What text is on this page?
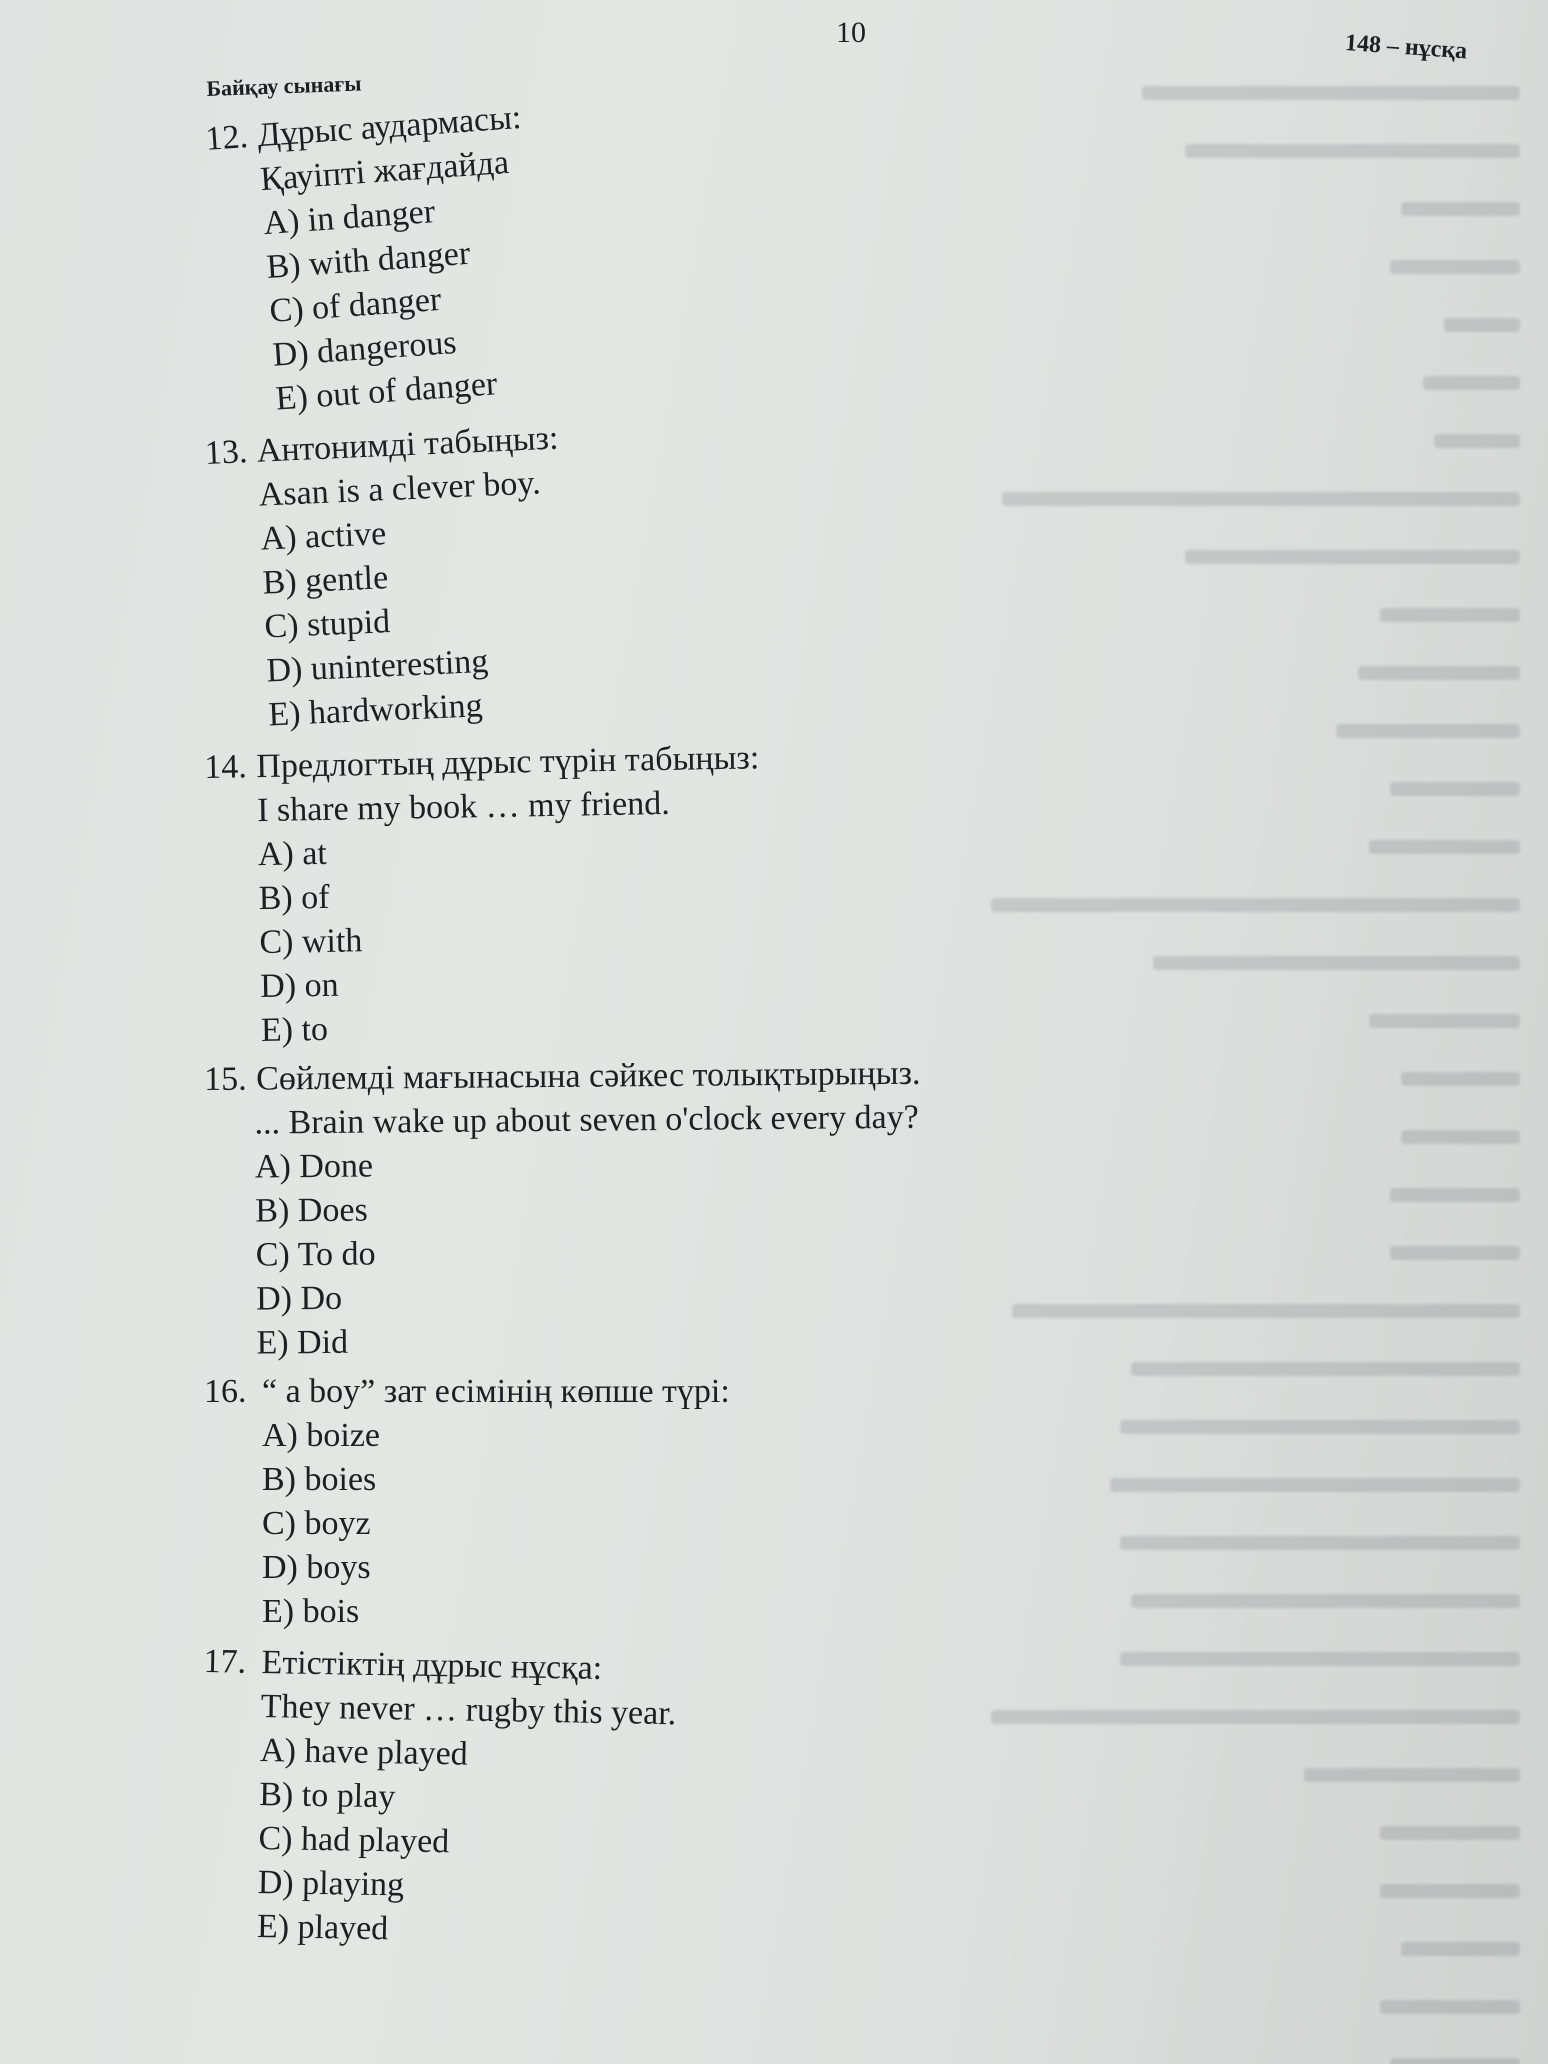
10	148 – нұсқа
Байқау сынағы
12. Дұрыс аудармасы:
Қауіпті жағдайда
A) in danger
B) with danger
C) of danger
D) dangerous
E) out of danger
13. Антонимді табыңыз:
Asan is a clever boy.
A) active
B) gentle
C) stupid
D) uninteresting
E) hardworking
14. Предлогтың дұрыс түрін табыңыз:
I share my book … my friend.
A) at
B) of
C) with
D) on
E) to
15. Сөйлемді мағынасына сәйкес толықтырыңыз.
... Brain wake up about seven o'clock every day?
A) Done
B) Does
C) To do
D) Do
E) Did
16. “ a boy” зат есімінің көпше түрі:
A) boize
B) boies
C) boyz
D) boys
E) bois
17. Етістіктің дұрыс нұсқа:
They never … rugby this year.
A) have played
B) to play
C) had played
D) playing
E) played
